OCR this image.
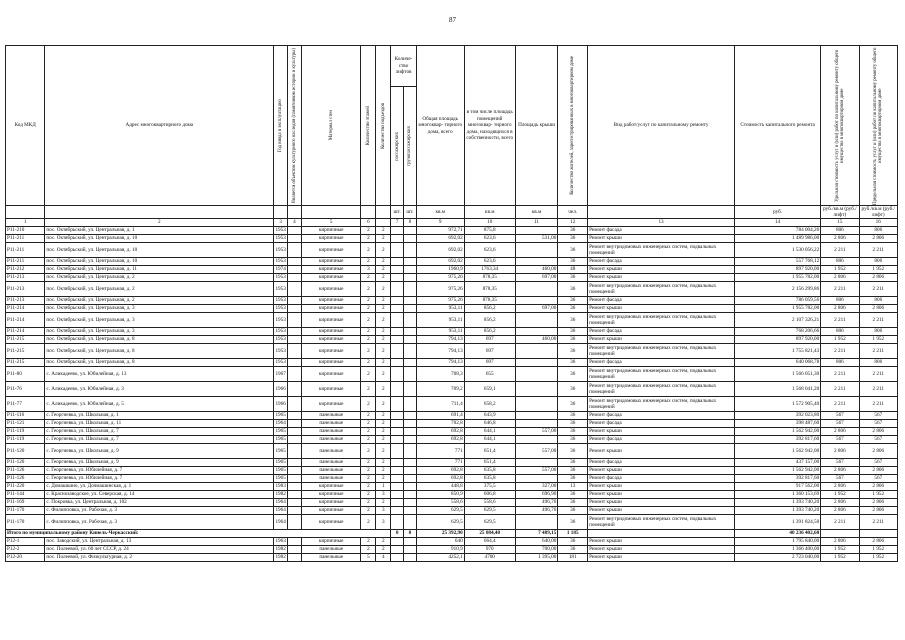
87
Код МКД	Адрес многоквартирного дома	Год ввода в эксплуатацию	Является объектом культурного наследия (памятником истории и культуры)	Материал стен	Количество этажей	Количество подъездов	Количе- ство лифтов		Общая площадь многоквар- тирного дома, всего	в том числе площадь помещений многоквар- тирного дома, находящихся в собственности, всего	Площадь крыши	Количество жителей, зарегистрированных в многоквартирном доме	Вид работ/услуг по капитальному ремонту	Стоимость капитального ремонта	Удельная стоимость услуг и (или) работ по капитальному ремонту общего имущества в многоквартирном доме	Предельная стоимость услуг и (или) работ по капитальному ремонту общего имущества в многоквартирном доме

							пассажирских	грузопассажирских								

							шт.	шт.	кв.м	кв.м	кв.м	чел.		руб.	руб./кв.м (руб./лифт)	руб./кв.м (руб./лифт)
1	2	3	4	5	6		7	8	9	10	11	12	13	14	15	16
Р11-210	пос. Октябрьский, ул. Центральная, д. 1	1953		кирпичные	2	2			972,71	875,8		36	Ремонт фасада	784 004,26	806	806
Р11-211	пос. Октябрьский, ул. Центральная, д. 10	1953		кирпичные	2	2			692,02	623,6	531,00	36	Ремонт крыши	1 489 986,00	2 806	2 806
Р11-211	пос. Октябрьский, ул. Центральная, д. 10	1953		кирпичные	2	2			692,02	623,6		36	Ремонт внутридомовых инженерных систем, подвальных помещений	1 530 056,22	2 211	2 211
Р11-211	пос. Октябрьский, ул. Центральная, д. 10	1953		кирпичные	2	2			692,02	623,6		36	Ремонт фасада	557 768,12	806	806
Р11-212	пос. Октябрьский, ул. Центральная, д. 11	1974		кирпичные	3	2			1960,9	1763,34	460,00	48	Ремонт крыши	897 920,00	1 952	1 952
Р11-213	пос. Октябрьский, ул. Центральная, д. 2	1953		кирпичные	2	2			975,26	878,35	697,00	36	Ремонт крыши	1 955 782,00	2 806	2 806
Р11-213	пос. Октябрьский, ул. Центральная, д. 2	1953		кирпичные	2	2			975,26	878,35		36	Ремонт внутридомовых инженерных систем, подвальных помещений	2 156 299,86	2 211	2 211
Р11-213	пос. Октябрьский, ул. Центральная, д. 2	1953		кирпичные	2	2			975,26	878,35		36	Ремонт фасада	786 059,56	806	806
Р11-214	пос. Октябрьский, ул. Центральная, д. 3	1953		кирпичные	2	2			953,11	856,2	697,00	36	Ремонт крыши	1 955 782,00	2 806	2 806
Р11-214	пос. Октябрьский, ул. Центральная, д. 3	1953		кирпичные	2	2			953,11	856,2		36	Ремонт внутридомовых инженерных систем, подвальных помещений	2 107 326,21	2 211	2 211
Р11-214	пос. Октябрьский, ул. Центральная, д. 3	1953		кирпичные	2	2			953,11	856,2		36	Ремонт фасада	768 206,66	806	806
Р11-215	пос. Октябрьский, ул. Центральная, д. 8	1953		кирпичные	2	2			794,13	697	460,00	36	Ремонт крыши	897 920,00	1 952	1 952
Р11-215	пос. Октябрьский, ул. Центральная, д. 8	1953		кирпичные	2	2			794,13	697		36	Ремонт внутридомовых инженерных систем, подвальных помещений	1 755 821,43	2 211	2 211
Р11-215	пос. Октябрьский, ул. Центральная, д. 8	1953		кирпичные	2	2			794,13	697		36	Ремонт фасада	640 068,78	806	806
Р11-80	с. Аликадеево, ул. Юбилейная, д. 13	1967		кирпичные	2	2			708,3	655		36	Ремонт внутридомовых инженерных систем, подвальных помещений	1 566 051,30	2 211	2 211
Р11-76	с. Аликадеево, ул. Юбилейная, д. 3	1966		кирпичные	2	2			709,2	659,1		36	Ремонт внутридомовых инженерных систем, подвальных помещений	1 568 041,20	2 211	2 211
Р11-77	с. Аликадеево, ул. Юбилейная, д. 5	1966		кирпичные	2	2			711,4	658,2		36	Ремонт внутридомовых инженерных систем, подвальных помещений	1 572 905,40	2 211	2 211
Р11-116	с. Георгиевка, ул. Школьная, д. 1	1965		панельные	2	2			691,4	643,9		36	Ремонт фасада	392 023,80	567	567
Р11-121	с. Георгиевка, ул. Школьная, д. 11	1964		панельные	2	2			702,8	646,8		36	Ремонт фасада	398 487,60	567	567
Р11-119	с. Георгиевка, ул. Школьная, д. 7	1965		панельные	2	2			692,8	644,1	557,00	36	Ремонт крыши	1 562 942,00	2 806	2 806
Р11-119	с. Георгиевка, ул. Школьная, д. 7	1965		панельные	2	2			692,8	644,1		36	Ремонт фасада	392 817,60	567	567
Р11-120	с. Георгиевка, ул. Школьная, д. 9	1965		панельные	2	2			771	651,4	557,00	36	Ремонт крыши	1 562 942,00	2 806	2 806
Р11-120	с. Георгиевка, ул. Школьная, д. 9	1965		панельные	2	2			771	651,4		36	Ремонт фасада	437 157,00	567	567
Р11-126	с. Георгиевка, ул. Юбилейная, д. 7	1965		панельные	2	2			692,8	635,8	557,00	36	Ремонт крыши	1 562 942,00	2 806	2 806
Р11-126	с. Георгиевка, ул. Юбилейная, д. 7	1965		панельные	2	2			692,8	635,8		36	Ремонт фасада	392 817,60	567	567
Р11-220	с. Домашкино, ул. Дочмашинская, д. 1	1983		кирпичные	2	1			448,8	375,5	327,00	13	Ремонт крыши	917 562,00	2 806	2 806
Р11-144	с. Краснозаводское, ул. Северская, д. 14	1982		кирпичные	2	3			850,9	606,8	696,90	36	Ремонт крыши	1 360 153,69	1 952	1 952
Р11-169	с. Покровка, ул. Центральная, д. 102	1964		кирпичные	2	2			558,6	558,6	496,70	36	Ремонт крыши	1 393 740,20	2 806	2 806
Р11-170	с. Филипповка, ул. Рабочая, д. 3	1964		кирпичные	2	3			629,5	629,5	496,70	36	Ремонт крыши	1 393 740,20	2 806	2 806
Р11-170	с. Филипповка, ул. Рабочая, д. 3	1964		кирпичные	2	3			629,5	629,5		36	Ремонт внутридомовых инженерных систем, подвальных помещений	1 391 824,50	2 211	2 211
Итого по муниципальному району Кинель-Черкасский:							0	0	25 392,90	25 084,40	7 489,15	1 185		40 236 402,60		
Р12-1	пос. Заводский, ул. Центральная, д. 13	1963		кирпичные	2	2			640	664,4	640,00	36	Ремонт крыши	1 795 840,00	2 806	2 806
Р12-2	пос. Полеевой, ул. 60 лет СССР, д. 24	1982		панельные	2	2			910,9	970	700,00	36	Ремонт крыши	1 366 400,00	1 952	1 952
Р12-20	пос. Полеевой, ул. Физкультурная, д. 2	1982		панельные	5	4			4252,1	4700	1 395,00	181	Ремонт крыши	2 723 040,00	1 952	1 952
